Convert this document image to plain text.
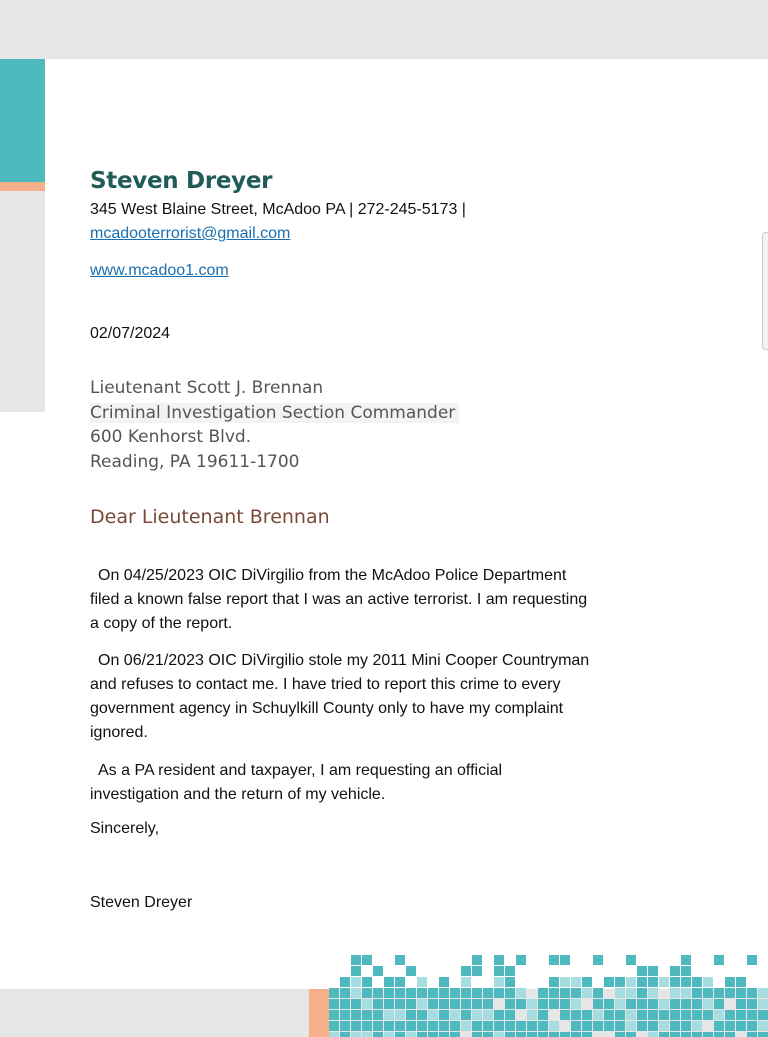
Steven Dreyer
345 West Blaine Street, McAdoo PA | 272-245-5173 |
mcadooterrorist@gmail.com
www.mcadoo1.com
02/07/2024
Lieutenant Scott J. Brennan
Criminal Investigation Section Commander
600 Kenhorst Blvd.
Reading, PA 19611-1700
Dear Lieutenant Brennan
On 04/25/2023 OIC DiVirgilio from the McAdoo Police Department filed a known false report that I was an active terrorist. I am requesting a copy of the report.
On 06/21/2023 OIC DiVirgilio stole my 2011 Mini Cooper Countryman and refuses to contact me. I have tried to report this crime to every government agency in Schuylkill County only to have my complaint ignored.
As a PA resident and taxpayer, I am requesting an official investigation and the return of my vehicle.
Sincerely,
Steven Dreyer
